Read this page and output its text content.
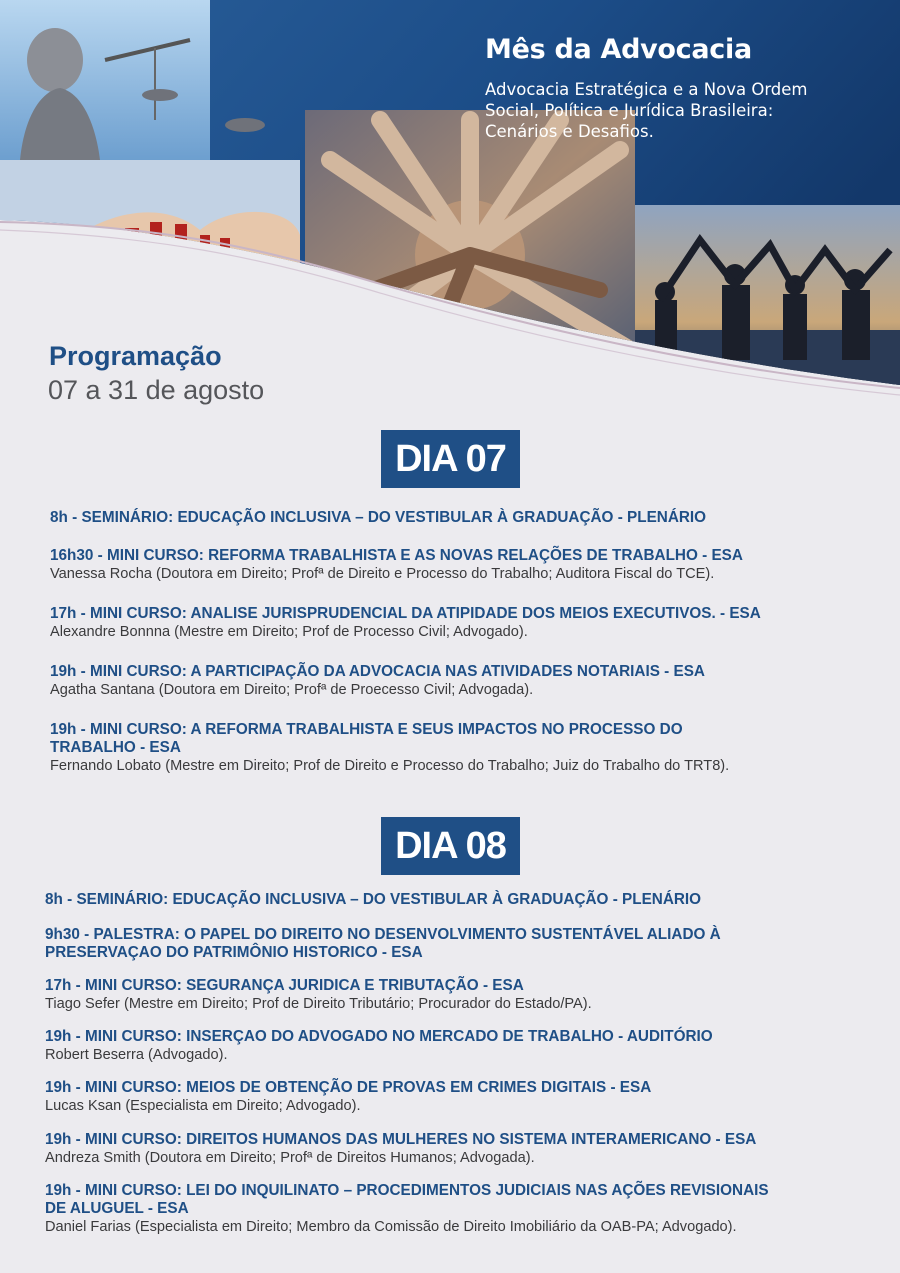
Mês da Advocacia
Advocacia Estratégica e a Nova Ordem
Social, Política e Jurídica Brasileira:
Cenários e Desafios.
Programação
07 a 31 de agosto
DIA 07
8h - SEMINÁRIO: EDUCAÇÃO INCLUSIVA – DO VESTIBULAR À GRADUAÇÃO - PLENÁRIO
16h30 - MINI CURSO: REFORMA TRABALHISTA E AS NOVAS RELAÇÕES DE TRABALHO - ESA
Vanessa Rocha (Doutora em Direito; Profª de Direito e Processo do Trabalho; Auditora Fiscal do TCE).
17h - MINI CURSO: ANALISE JURISPRUDENCIAL DA ATIPIDADE DOS MEIOS EXECUTIVOS. - ESA
Alexandre Bonnna (Mestre em Direito; Prof de Processo Civil; Advogado).
19h - MINI CURSO: A PARTICIPAÇÃO DA ADVOCACIA NAS ATIVIDADES NOTARIAIS - ESA
Agatha Santana (Doutora em Direito; Profª de Proecesso Civil; Advogada).
19h - MINI CURSO: A REFORMA TRABALHISTA E SEUS IMPACTOS NO PROCESSO DO
TRABALHO - ESA
Fernando Lobato (Mestre em Direito; Prof de Direito e Processo do Trabalho; Juiz do Trabalho do TRT8).
DIA 08
8h - SEMINÁRIO: EDUCAÇÃO INCLUSIVA – DO VESTIBULAR À GRADUAÇÃO - PLENÁRIO
9h30 - PALESTRA: O PAPEL DO DIREITO NO DESENVOLVIMENTO SUSTENTÁVEL ALIADO À
PRESERVAÇAO DO PATRIMÔNIO HISTORICO - ESA
17h - MINI CURSO: SEGURANÇA JURIDICA E TRIBUTAÇÃO - ESA
Tiago Sefer (Mestre em Direito; Prof de Direito Tributário; Procurador do Estado/PA).
19h - MINI CURSO: INSERÇAO DO ADVOGADO NO MERCADO DE TRABALHO - AUDITÓRIO
Robert Beserra (Advogado).
19h - MINI CURSO: MEIOS DE OBTENÇÃO DE PROVAS EM CRIMES DIGITAIS - ESA
Lucas Ksan (Especialista em Direito; Advogado).
19h - MINI CURSO: DIREITOS HUMANOS DAS MULHERES NO SISTEMA INTERAMERICANO - ESA
Andreza Smith (Doutora em Direito; Profª de Direitos Humanos; Advogada).
19h - MINI CURSO: LEI DO INQUILINATO – PROCEDIMENTOS JUDICIAIS NAS AÇÕES REVISIONAIS
DE ALUGUEL - ESA
Daniel Farias (Especialista em Direito; Membro da Comissão de Direito Imobiliário da OAB-PA; Advogado).
